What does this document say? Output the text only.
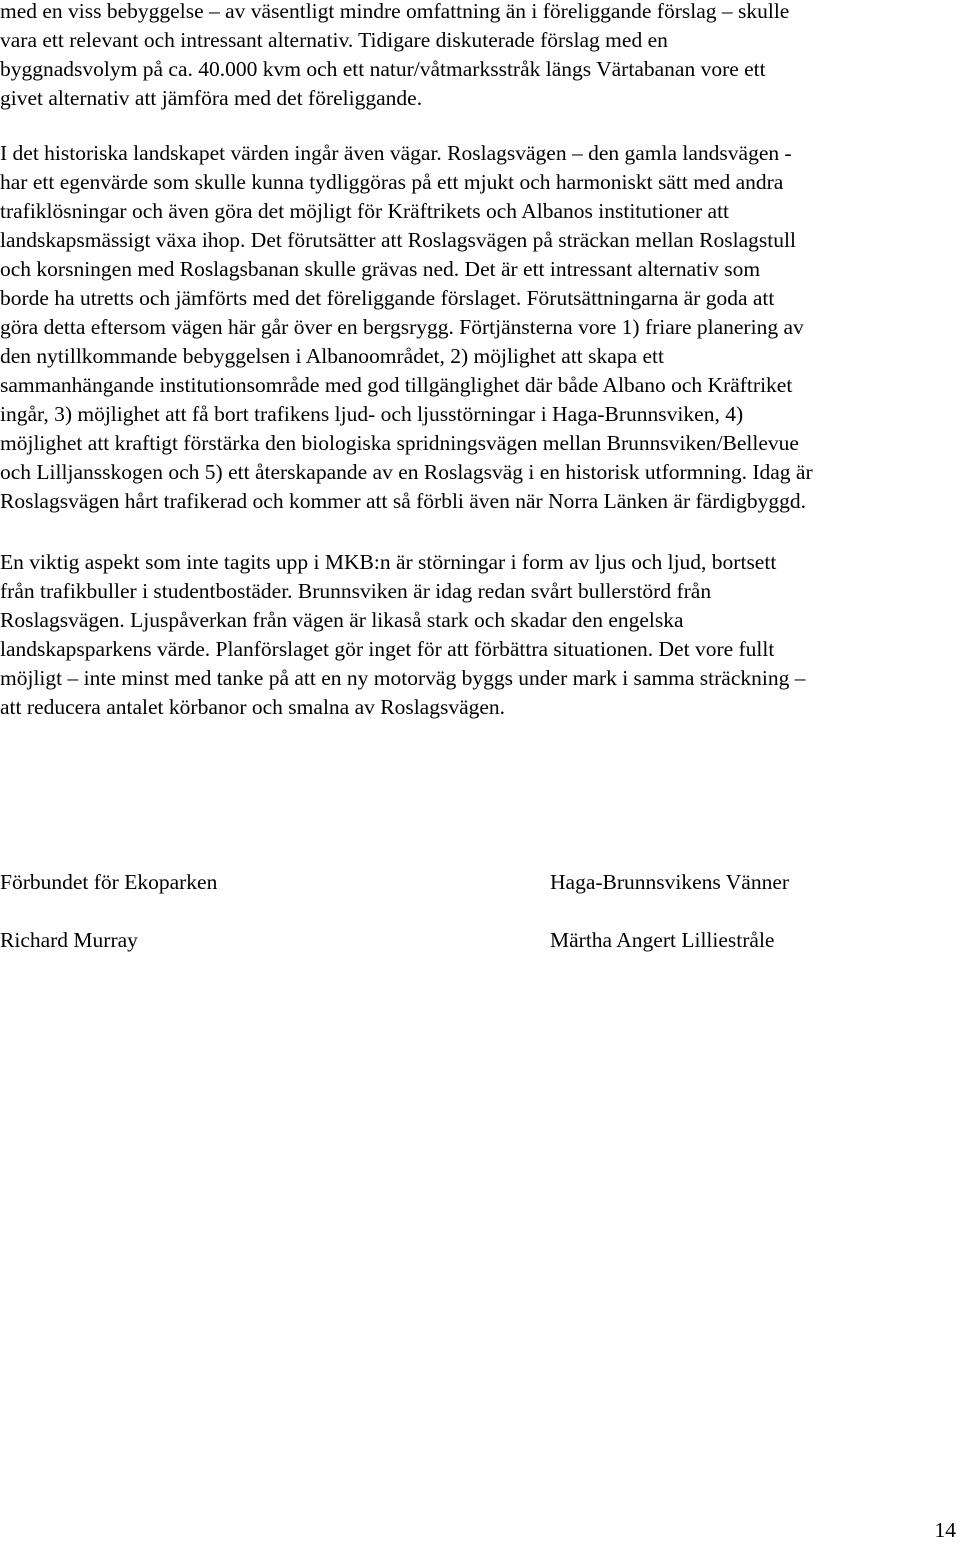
med en viss bebyggelse – av väsentligt mindre omfattning än i föreliggande förslag – skulle
vara ett relevant och intressant alternativ. Tidigare diskuterade förslag med en
byggnadsvolym på ca. 40.000 kvm och ett natur/våtmarksstråk längs Värtabanan vore ett
givet alternativ att jämföra med det föreliggande.
I det historiska landskapet värden ingår även vägar. Roslagsvägen – den gamla landsvägen -
har ett egenvärde som skulle kunna tydliggöras på ett mjukt och harmoniskt sätt med andra
trafiklösningar och även göra det möjligt för Kräftrikets och Albanos institutioner att
landskapsmässigt växa ihop. Det förutsätter att Roslagsvägen på sträckan mellan Roslagstull
och korsningen med Roslagsbanan skulle grävas ned. Det är ett intressant alternativ som
borde ha utretts och jämförts med det föreliggande förslaget. Förutsättningarna är goda att
göra detta eftersom vägen här går över en bergsrygg. Förtjänsterna vore 1) friare planering av
den nytillkommande bebyggelsen i Albanoområdet, 2) möjlighet att skapa ett
sammanhängande institutionsområde med god tillgänglighet där både Albano och Kräftriket
ingår, 3) möjlighet att få bort trafikens ljud- och ljusstörningar i Haga-Brunnsviken, 4)
möjlighet att kraftigt förstärka den biologiska spridningsvägen mellan Brunnsviken/Bellevue
och Lilljansskogen och 5) ett återskapande av en Roslagsväg i en historisk utformning. Idag är
Roslagsvägen hårt trafikerad och kommer att så förbli även när Norra Länken är färdigbyggd.
En viktig aspekt som inte tagits upp i MKB:n är störningar i form av ljus och ljud, bortsett
från trafikbuller i studentbostäder. Brunnsviken är idag redan svårt bullerstörd från
Roslagsvägen. Ljuspåverkan från vägen är likaså stark och skadar den engelska
landskapsparkens värde. Planförslaget gör inget för att förbättra situationen. Det vore fullt
möjligt – inte minst med tanke på att en ny motorväg byggs under mark i samma sträckning –
att reducera antalet körbanor och smalna av Roslagsvägen.
Förbundet för Ekoparken
Richard Murray
Haga-Brunnsvikens Vänner
Märtha Angert Lilliestråle
14
